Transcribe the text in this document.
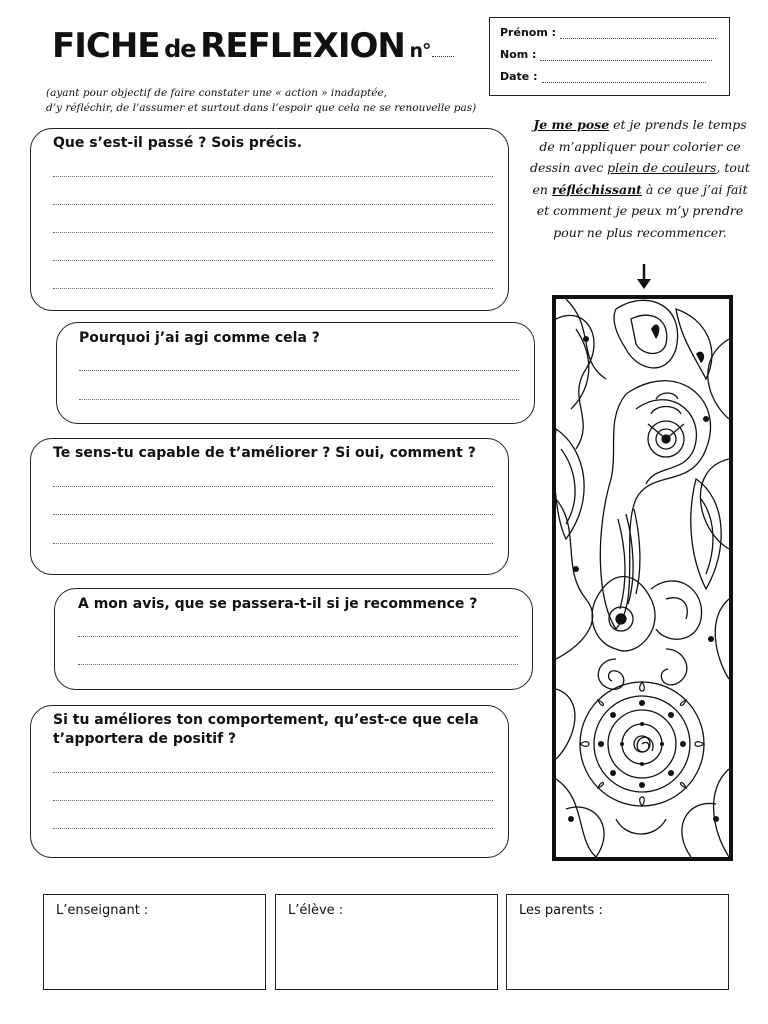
FICHE de REFLEXION n°
(ayant pour objectif de faire constater une « action » inadaptée,
d’y réfléchir, de l’assumer et surtout dans l’espoir que cela ne se renouvelle pas)
Prénom :
Nom :
Date :
Que s’est-il passé ? Sois précis.
Pourquoi j’ai agi comme cela ?
Te sens-tu capable de t’améliorer ? Si oui, comment ?
A mon avis, que se passera-t-il si je recommence ?
Si tu améliores ton comportement, qu’est-ce que cela t’apportera de positif ?
Je me pose et je prends le temps de m’appliquer pour colorier ce dessin avec plein de couleurs, tout en réfléchissant à ce que j’ai fait et comment je peux m’y prendre pour ne plus recommencer.
L’enseignant :	L’élève :	Les parents :
